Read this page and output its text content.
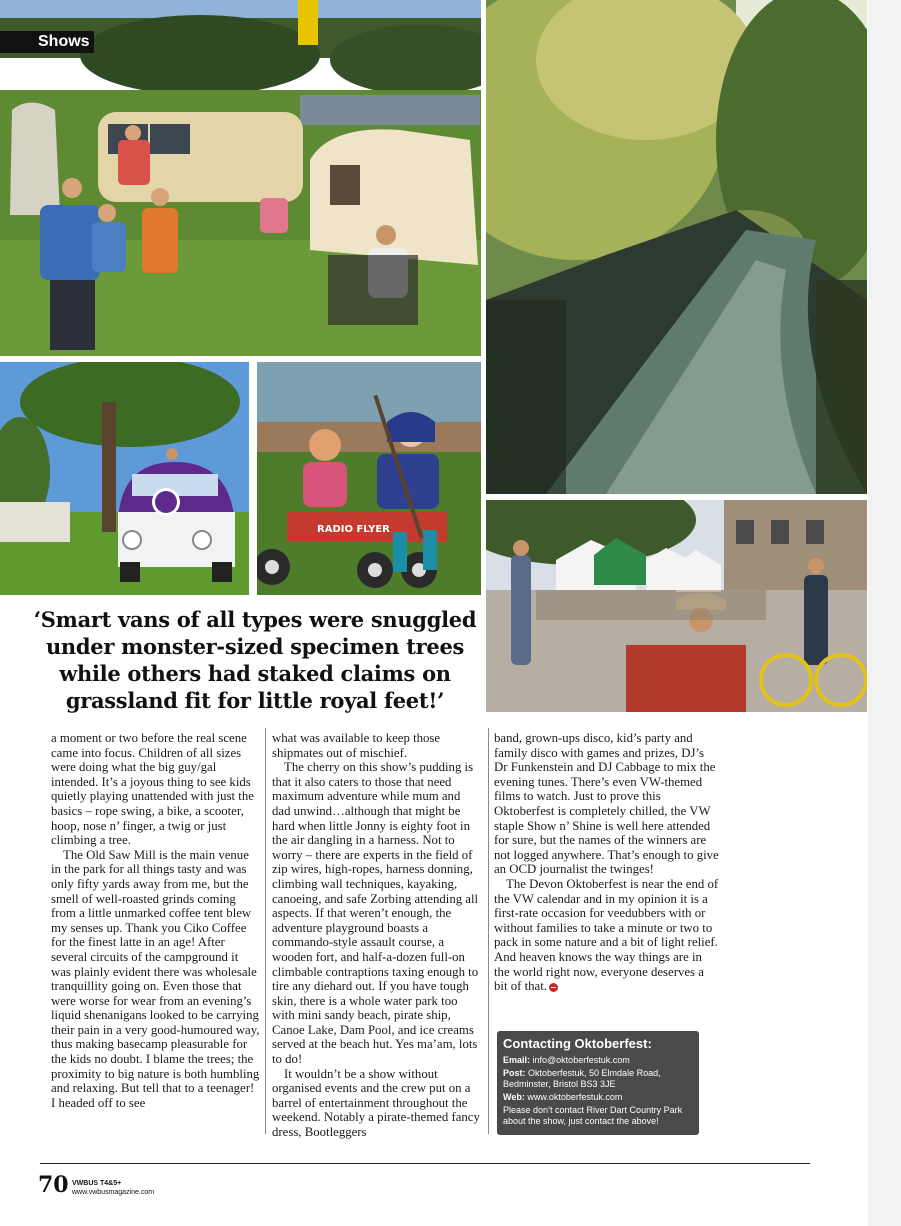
Shows
RADIO FLYER
‘Smart vans of all types were snuggled under monster-sized specimen trees while others had staked claims on grassland fit for little royal feet!’

a moment or two before the real scene came into focus. Children of all sizes were doing what the big guy/gal intended. It’s a joyous thing to see kids quietly playing unattended with just the basics – rope swing, a bike, a scooter, hoop, nose n’ finger, a twig or just climbing a tree.

The Old Saw Mill is the main venue in the park for all things tasty and was only fifty yards away from me, but the smell of well-roasted grinds coming from a little unmarked coffee tent blew my senses up. Thank you Ciko Coffee for the finest latte in an age! After several circuits of the campground it was plainly evident there was wholesale tranquillity going on. Even those that were worse for wear from an evening’s liquid shenanigans looked to be carrying their pain in a very good-humoured way, thus making basecamp pleasurable for the kids no doubt. I blame the trees; the proximity to big nature is both humbling and relaxing. But tell that to a teenager! I headed off to see

what was available to keep those shipmates out of mischief.

The cherry on this show’s pudding is that it also caters to those that need maximum adventure while mum and dad unwind…although that might be hard when little Jonny is eighty foot in the air dangling in a harness. Not to worry – there are experts in the field of zip wires, high-ropes, harness donning, climbing wall techniques, kayaking, canoeing, and safe Zorbing attending all aspects. If that weren’t enough, the adventure playground boasts a commando-style assault course, a wooden fort, and half-a-dozen full-on climbable contraptions taxing enough to tire any diehard out. If you have tough skin, there is a whole water park too with mini sandy beach, pirate ship, Canoe Lake, Dam Pool, and ice creams served at the beach hut. Yes ma’am, lots to do!

It wouldn’t be a show without organised events and the crew put on a barrel of entertainment throughout the weekend. Notably a pirate-themed fancy dress, Bootleggers

band, grown-ups disco, kid’s party and family disco with games and prizes, DJ’s Dr Funkenstein and DJ Cabbage to mix the evening tunes. There’s even VW-themed films to watch. Just to prove this Oktoberfest is completely chilled, the VW staple Show n’ Shine is well here attended for sure, but the names of the winners are not logged anywhere. That’s enough to give an OCD journalist the twinges!

The Devon Oktoberfest is near the end of the VW calendar and in my opinion it is a first-rate occasion for veedubbers with or without families to take a minute or two to pack in some nature and a bit of light relief. And heaven knows the way things are in the world right now, everyone deserves a bit of that.

Contacting Oktoberfest:
Email: info@oktoberfestuk.com
Post: Oktoberfestuk, 50 Elmdale Road, Bedminster, Bristol BS3 3JE
Web: www.oktoberfestuk.com
Please don’t contact River Dart Country Park about the show, just contact the above!
70 VWBUS T4&5+
www.vwbusmagazine.com
